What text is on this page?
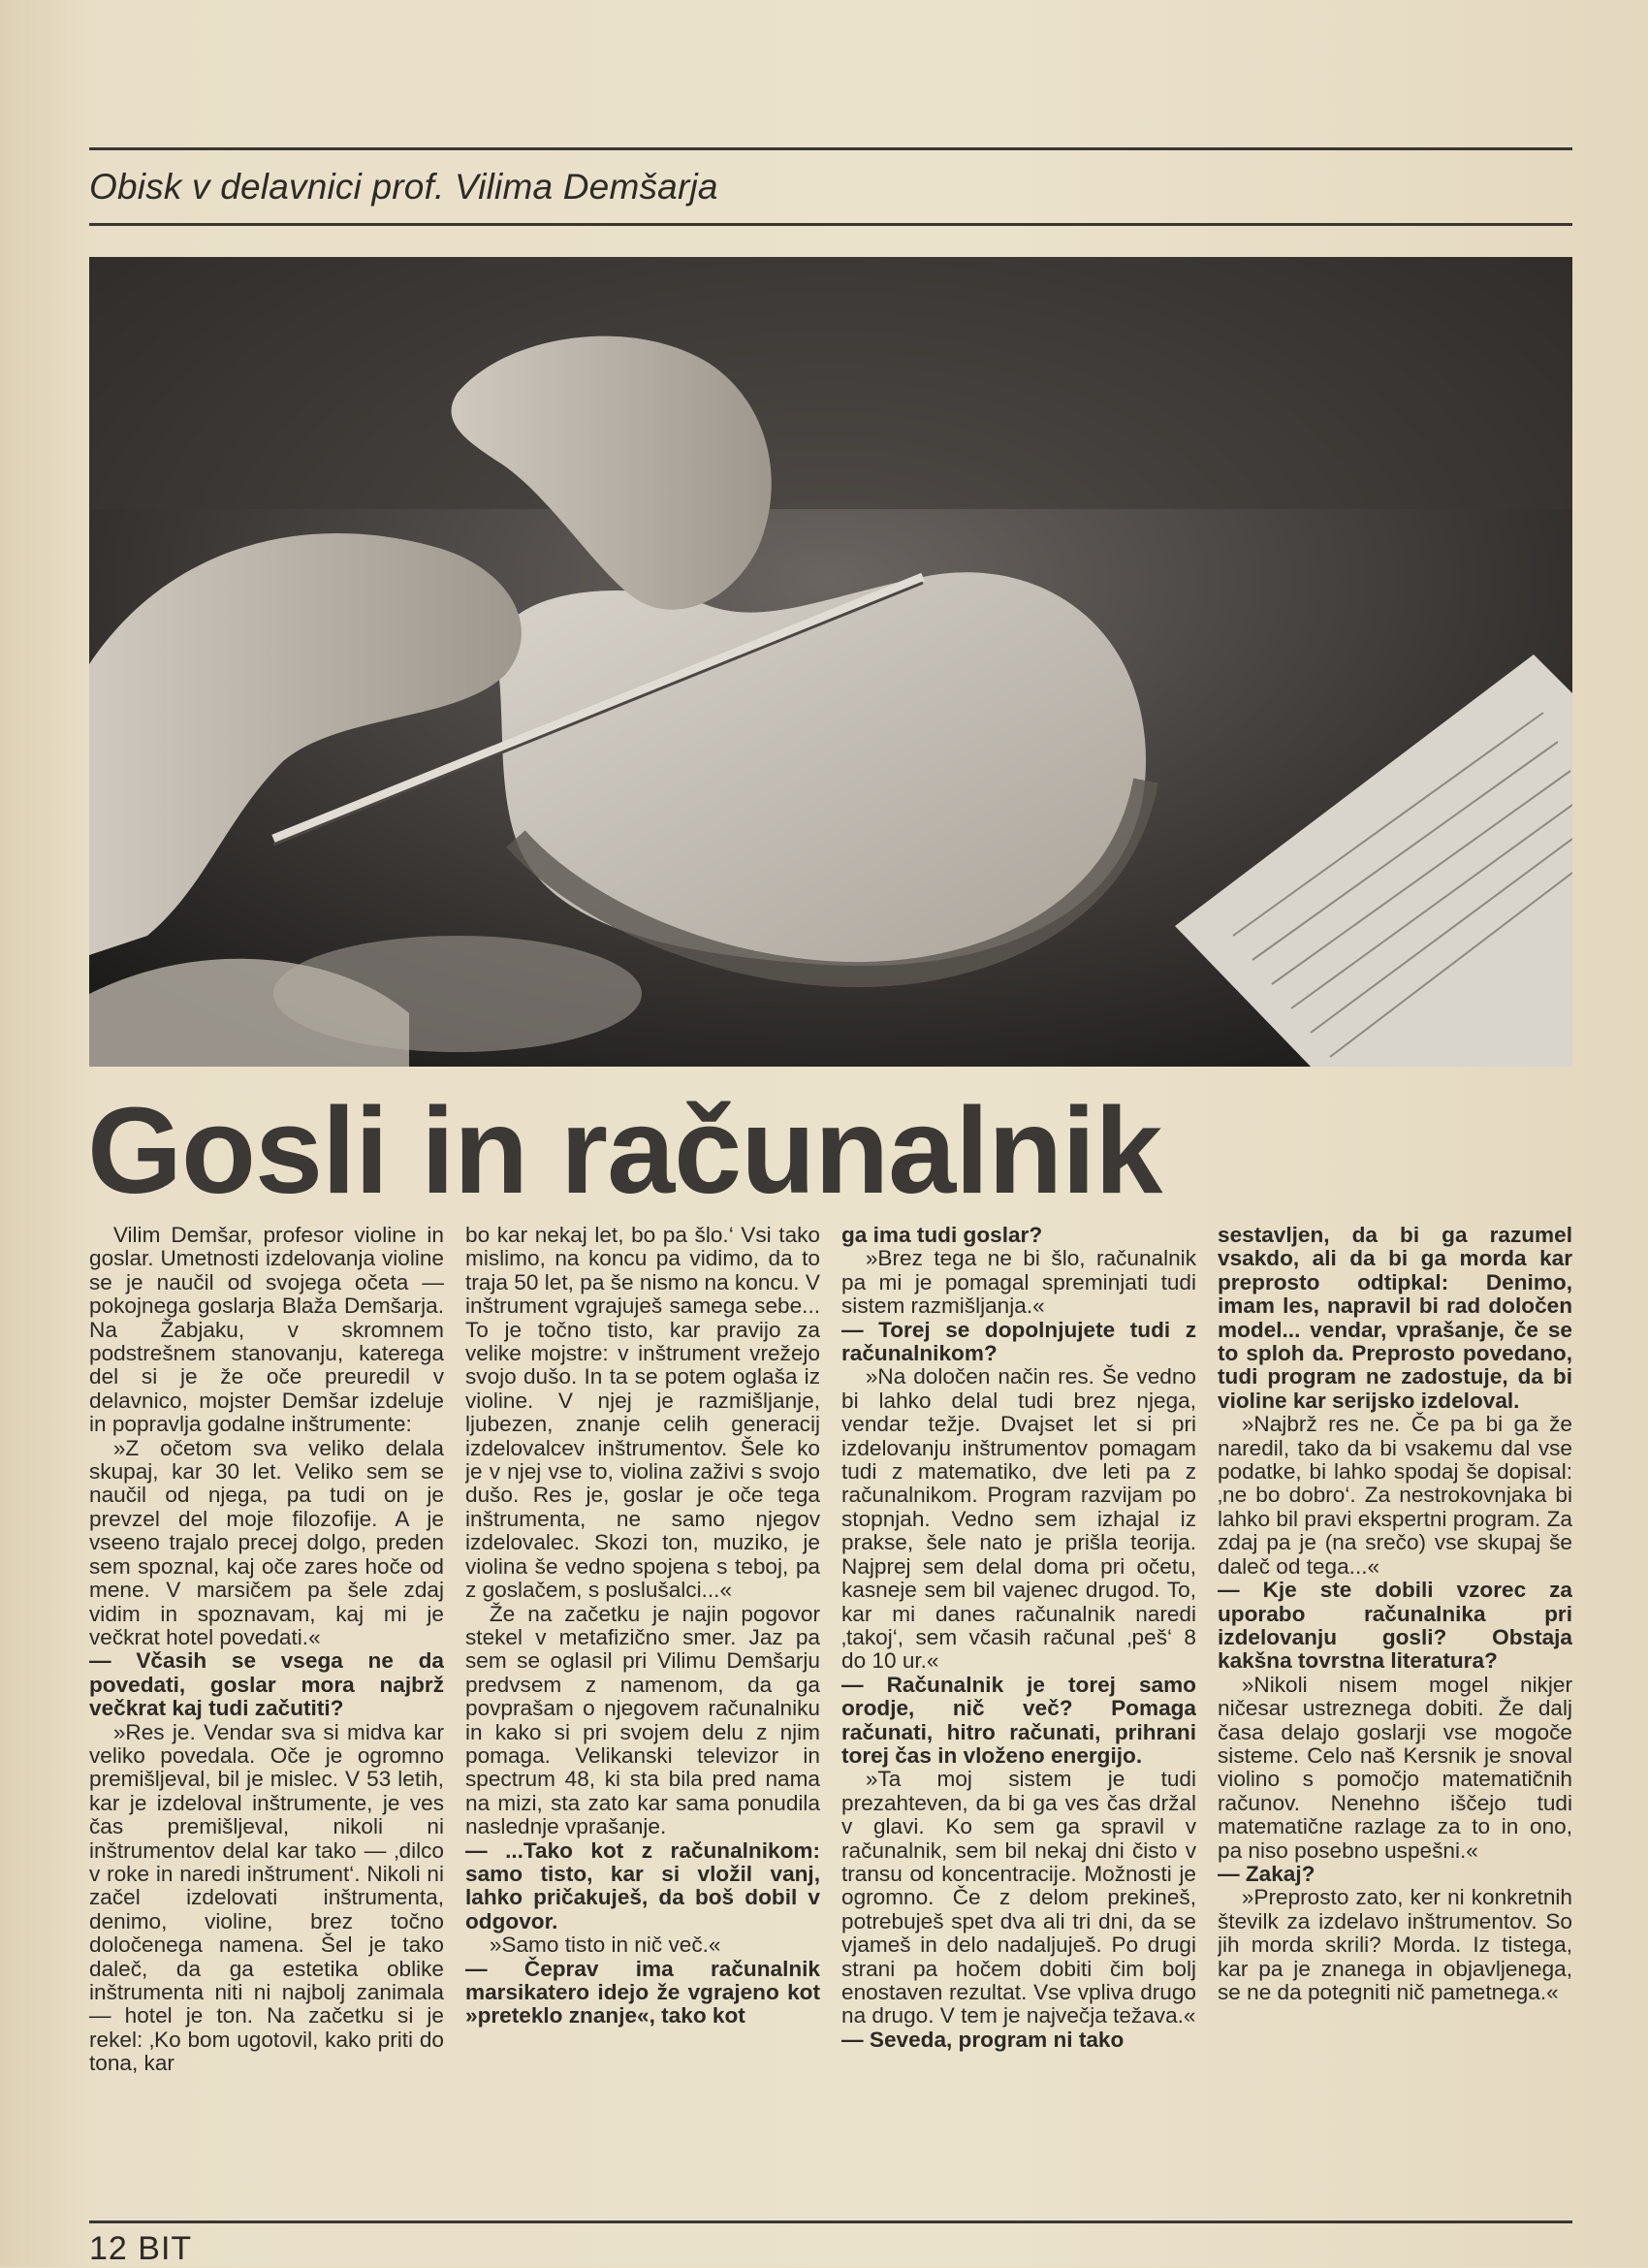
Obisk v delavnici prof. Vilima Demšarja
Gosli in računalnik

Vilim Demšar, profesor violine in goslar. Umetnosti izdelovanja violine se je naučil od svojega očeta — pokojnega goslarja Blaža Demšarja. Na Žabjaku, v skromnem podstrešnem stanovanju, katerega del si je že oče preuredil v delavnico, mojster Demšar izdeluje in popravlja godalne inštrumente:

»Z očetom sva veliko delala skupaj, kar 30 let. Veliko sem se naučil od njega, pa tudi on je prevzel del moje filozofije. A je vseeno trajalo precej dolgo, preden sem spoznal, kaj oče zares hoče od mene. V marsičem pa šele zdaj vidim in spoznavam, kaj mi je večkrat hotel povedati.«

— Včasih se vsega ne da povedati, goslar mora najbrž večkrat kaj tudi začutiti?

»Res je. Vendar sva si midva kar veliko povedala. Oče je ogromno premišljeval, bil je mislec. V 53 letih, kar je izdeloval inštrumente, je ves čas premišljeval, nikoli ni inštrumentov delal kar tako — ‚dilco v roke in naredi inštrument‘. Nikoli ni začel izdelovati inštrumenta, denimo, violine, brez točno določenega namena. Šel je tako daleč, da ga estetika oblike inštrumenta niti ni najbolj zanimala — hotel je ton. Na začetku si je rekel: ‚Ko bom ugotovil, kako priti do tona, kar

bo kar nekaj let, bo pa šlo.‘ Vsi tako mislimo, na koncu pa vidimo, da to traja 50 let, pa še nismo na koncu. V inštrument vgrajuješ samega sebe... To je točno tisto, kar pravijo za velike mojstre: v inštrument vrežejo svojo dušo. In ta se potem oglaša iz violine. V njej je razmišljanje, ljubezen, znanje celih generacij izdelovalcev inštrumentov. Šele ko je v njej vse to, violina zaživi s svojo dušo. Res je, goslar je oče tega inštrumenta, ne samo njegov izdelovalec. Skozi ton, muziko, je violina še vedno spojena s teboj, pa z goslačem, s poslušalci...«

Že na začetku je najin pogovor stekel v metafizično smer. Jaz pa sem se oglasil pri Vilimu Demšarju predvsem z namenom, da ga povprašam o njegovem računalniku in kako si pri svojem delu z njim pomaga. Velikanski televizor in spectrum 48, ki sta bila pred nama na mizi, sta zato kar sama ponudila naslednje vprašanje.

— ...Tako kot z računalnikom: samo tisto, kar si vložil vanj, lahko pričakuješ, da boš dobil v odgovor.

»Samo tisto in nič več.«

— Čeprav ima računalnik marsikatero idejo že vgrajeno kot »preteklo znanje«, tako kot

ga ima tudi goslar?

»Brez tega ne bi šlo, računalnik pa mi je pomagal spreminjati tudi sistem razmišljanja.«

— Torej se dopolnjujete tudi z računalnikom?

»Na določen način res. Še vedno bi lahko delal tudi brez njega, vendar težje. Dvajset let si pri izdelovanju inštrumentov pomagam tudi z matematiko, dve leti pa z računalnikom. Program razvijam po stopnjah. Vedno sem izhajal iz prakse, šele nato je prišla teorija. Najprej sem delal doma pri očetu, kasneje sem bil vajenec drugod. To, kar mi danes računalnik naredi ‚takoj‘, sem včasih računal ‚peš‘ 8 do 10 ur.«

— Računalnik je torej samo orodje, nič več? Pomaga računati, hitro računati, prihrani torej čas in vloženo energijo.

»Ta moj sistem je tudi prezahteven, da bi ga ves čas držal v glavi. Ko sem ga spravil v računalnik, sem bil nekaj dni čisto v transu od koncentracije. Možnosti je ogromno. Če z delom prekineš, potrebuješ spet dva ali tri dni, da se vjameš in delo nadaljuješ. Po drugi strani pa hočem dobiti čim bolj enostaven rezultat. Vse vpliva drugo na drugo. V tem je največja težava.«

— Seveda, program ni tako

sestavljen, da bi ga razumel vsakdo, ali da bi ga morda kar preprosto odtipkal: Denimo, imam les, napravil bi rad določen model... vendar, vprašanje, če se to sploh da. Preprosto povedano, tudi program ne zadostuje, da bi violine kar serijsko izdeloval.

»Najbrž res ne. Če pa bi ga že naredil, tako da bi vsakemu dal vse podatke, bi lahko spodaj še dopisal: ‚ne bo dobro‘. Za nestrokovnjaka bi lahko bil pravi ekspertni program. Za zdaj pa je (na srečo) vse skupaj še daleč od tega...«

— Kje ste dobili vzorec za uporabo računalnika pri izdelovanju gosli? Obstaja kakšna tovrstna literatura?

»Nikoli nisem mogel nikjer ničesar ustreznega dobiti. Že dalj časa delajo goslarji vse mogoče sisteme. Celo naš Kersnik je snoval violino s pomočjo matematičnih računov. Nenehno iščejo tudi matematične razlage za to in ono, pa niso posebno uspešni.«

— Zakaj?

»Preprosto zato, ker ni konkretnih številk za izdelavo inštrumentov. So jih morda skrili? Morda. Iz tistega, kar pa je znanega in objavljenega, se ne da potegniti nič pametnega.«

12 BIT
